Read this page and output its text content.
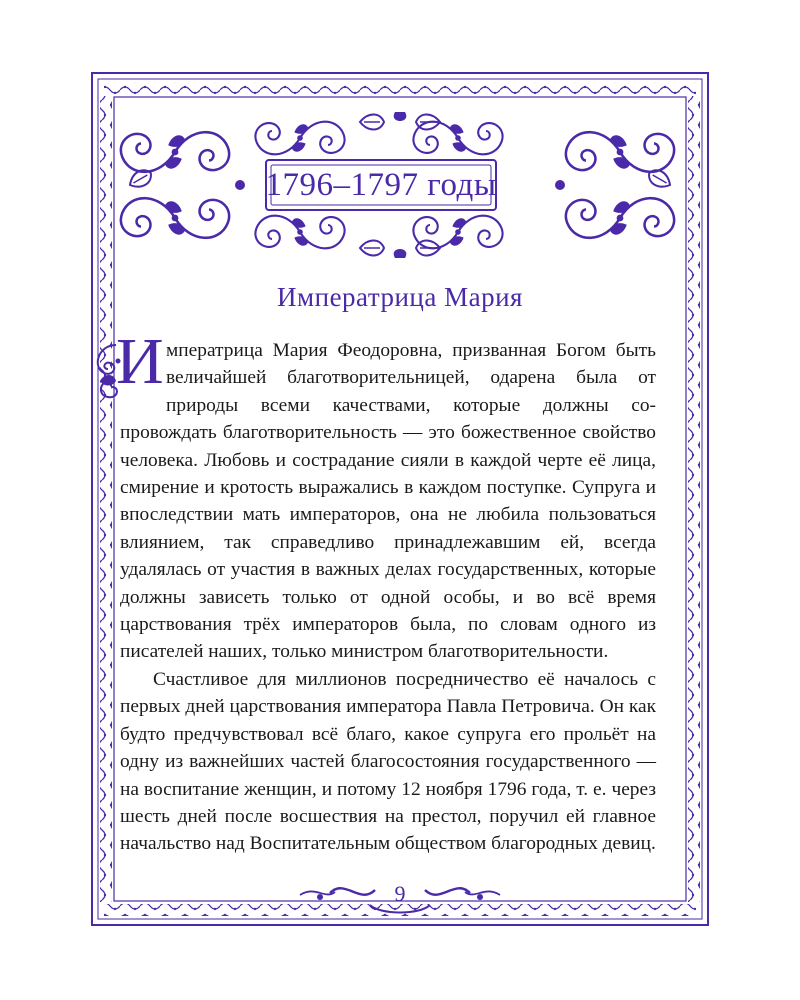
1796–1797 годы
Императрица Мария

И мператрица Мария Феодоровна, призванная Богом быть величайшей благотворительницей, одарена была от природы всеми качествами, которые должны сопровождать благотворительность — это божественное свойство человека. Любовь и сострадание сияли в каждой черте её лица, смирение и кротость выражались в каждом поступке. Супруга и впоследствии мать императоров, она не любила пользоваться влиянием, так справедливо принадлежавшим ей, всегда удалялась от участия в важных делах государственных, которые должны зависеть только от одной особы, и во всё время царствования трёх императоров была, по словам одного из писателей наших, только министром благотворительности.

Счастливое для миллионов посредничество её началось с первых дней царствования императора Павла Петровича. Он как будто предчувствовал всё благо, какое супруга его прольёт на одну из важнейших частей благосостояния государственного — на воспитание женщин, и потому 12 ноября 1796 года, т. е. через шесть дней после восшествия на престол, поручил ей главное начальство над Воспитательным обществом благородных девиц.

9
